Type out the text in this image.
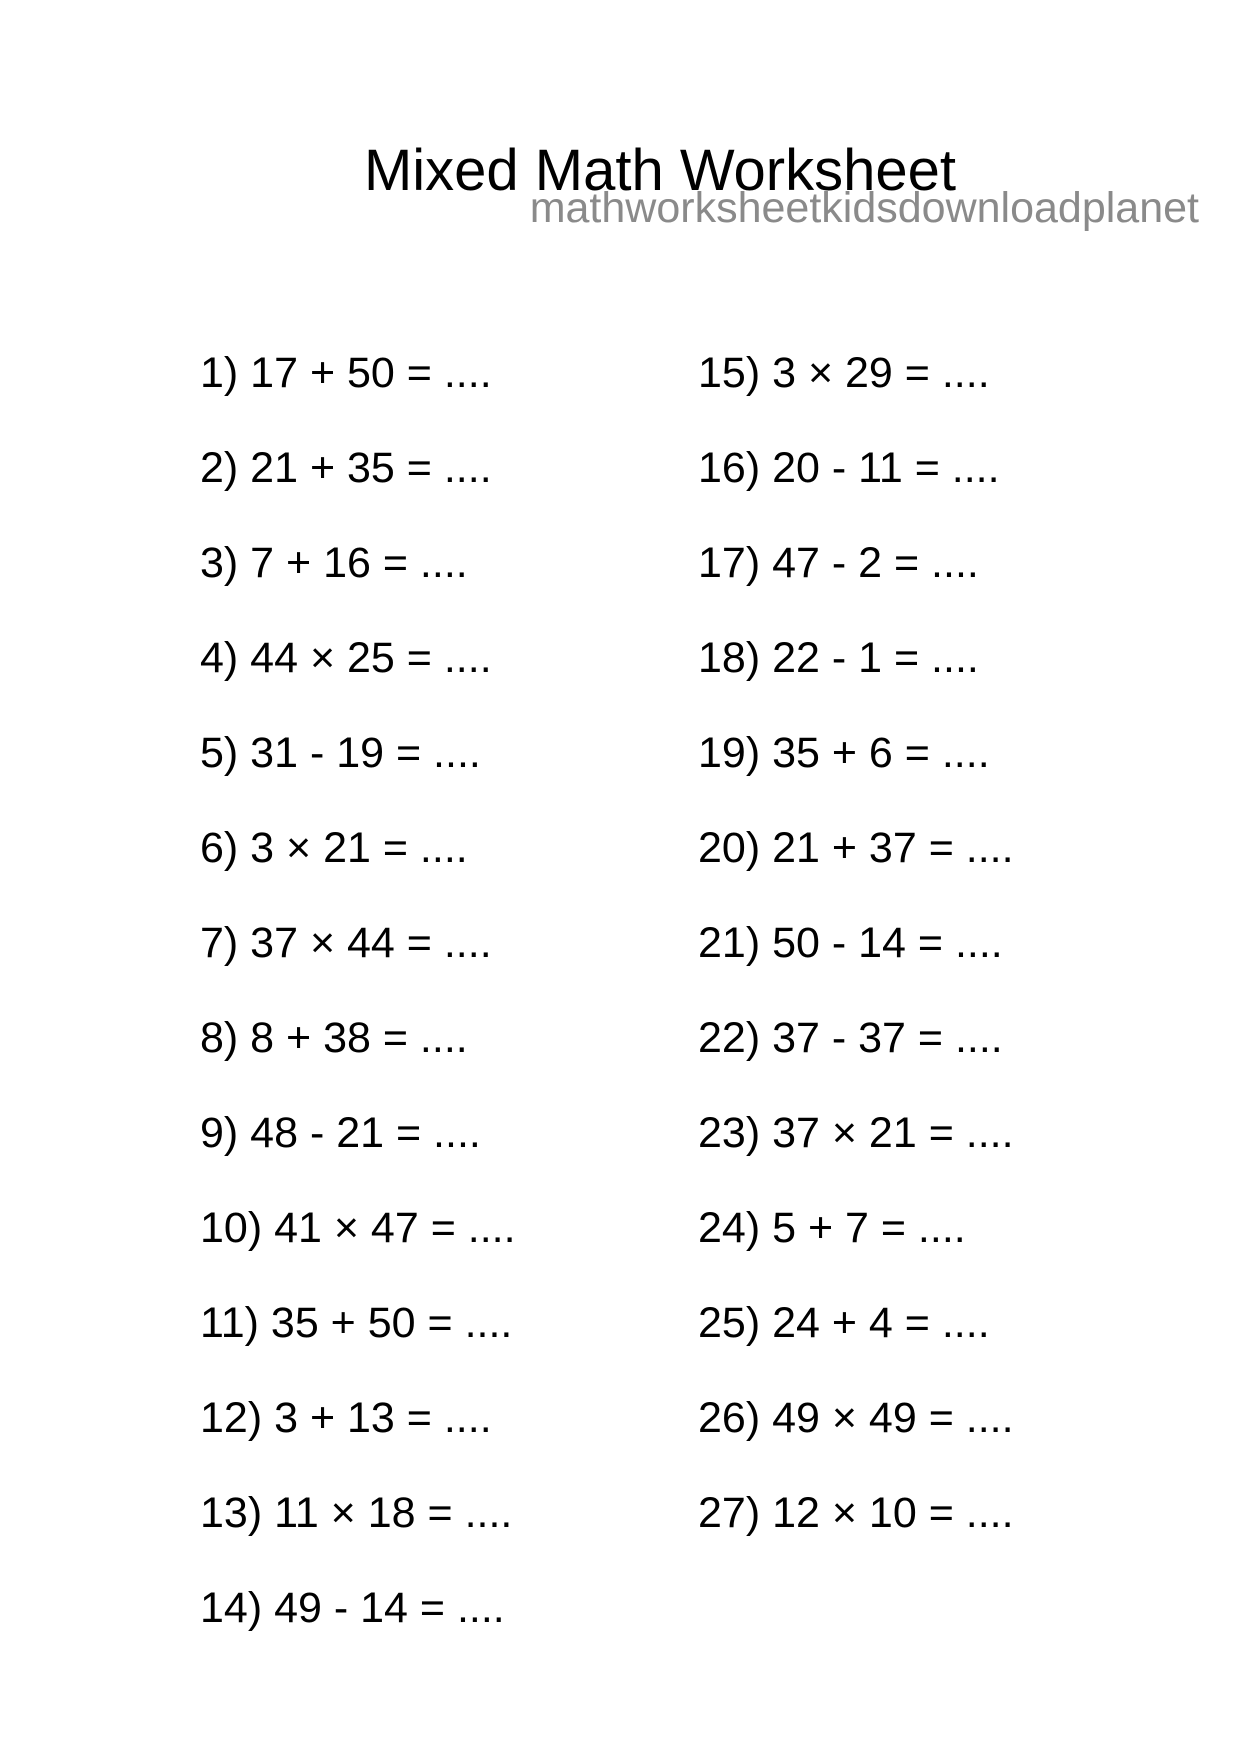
Mixed Math Worksheet
mathworksheetkidsdownloadplanet
1) 17 + 50 = ....
2) 21 + 35 = ....
3) 7 + 16 = ....
4) 44 × 25 = ....
5) 31 - 19 = ....
6) 3 × 21 = ....
7) 37 × 44 = ....
8) 8 + 38 = ....
9) 48 - 21 = ....
10) 41 × 47 = ....
11) 35 + 50 = ....
12) 3 + 13 = ....
13) 11 × 18 = ....
14) 49 - 14 = ....
15) 3 × 29 = ....
16) 20 - 11 = ....
17) 47 - 2 = ....
18) 22 - 1 = ....
19) 35 + 6 = ....
20) 21 + 37 = ....
21) 50 - 14 = ....
22) 37 - 37 = ....
23) 37 × 21 = ....
24) 5 + 7 = ....
25) 24 + 4 = ....
26) 49 × 49 = ....
27) 12 × 10 = ....
